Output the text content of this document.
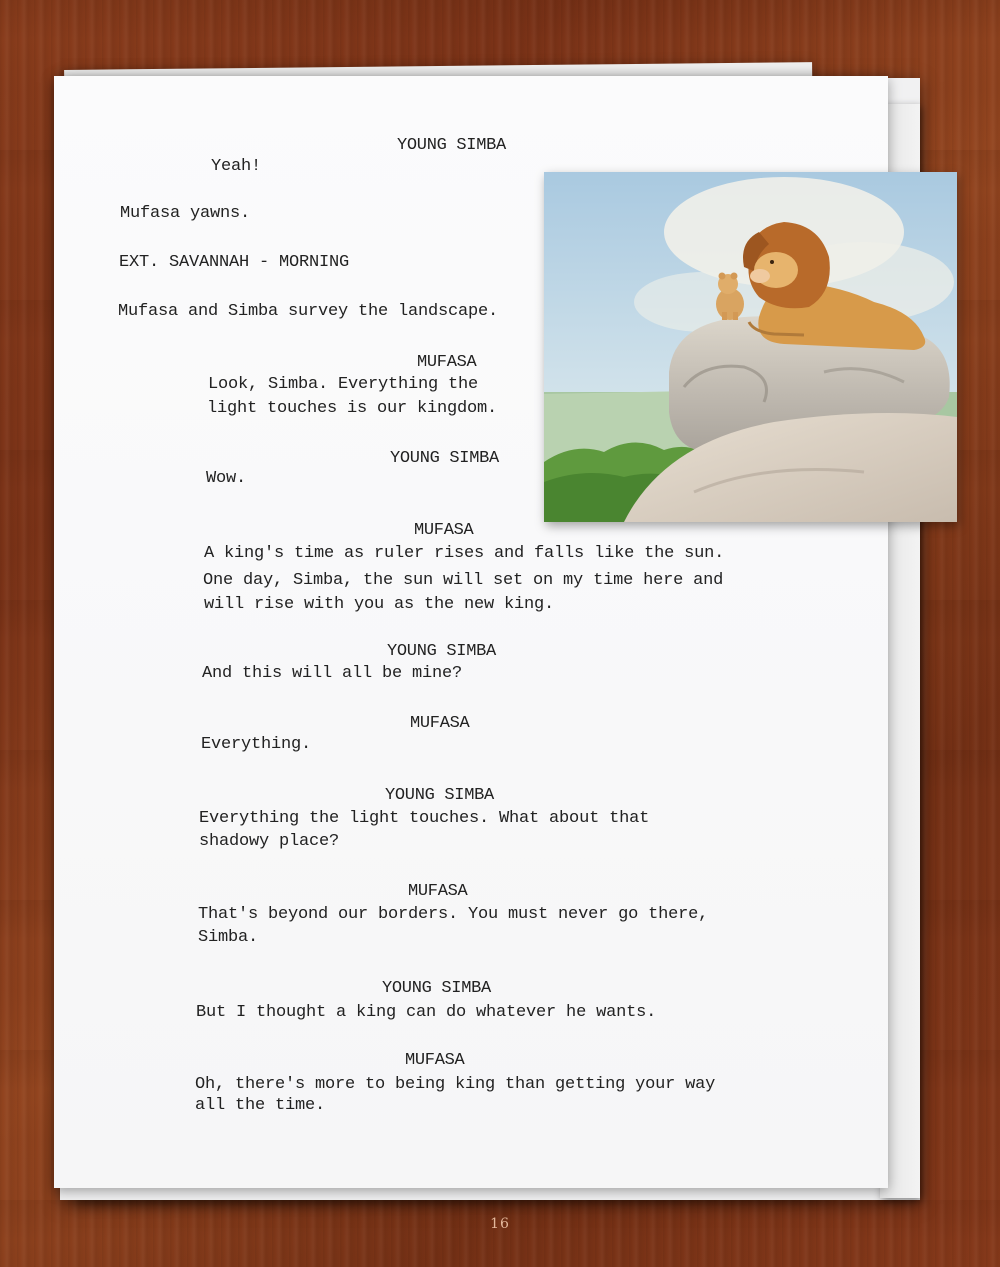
YOUNG SIMBA
Yeah!
Mufasa yawns.
EXT. SAVANNAH - MORNING
Mufasa and Simba survey the landscape.
MUFASA
Look, Simba. Everything the
light touches is our kingdom.
YOUNG SIMBA
Wow.
MUFASA
A king's time as ruler rises and falls like the sun.
One day, Simba, the sun will set on my time here and
will rise with you as the new king.
YOUNG SIMBA
And this will all be mine?
MUFASA
Everything.
YOUNG SIMBA
Everything the light touches. What about that
shadowy place?
MUFASA
That's beyond our borders. You must never go there,
Simba.
YOUNG SIMBA
But I thought a king can do whatever he wants.
MUFASA
Oh, there's more to being king than getting your way
all the time.
16
